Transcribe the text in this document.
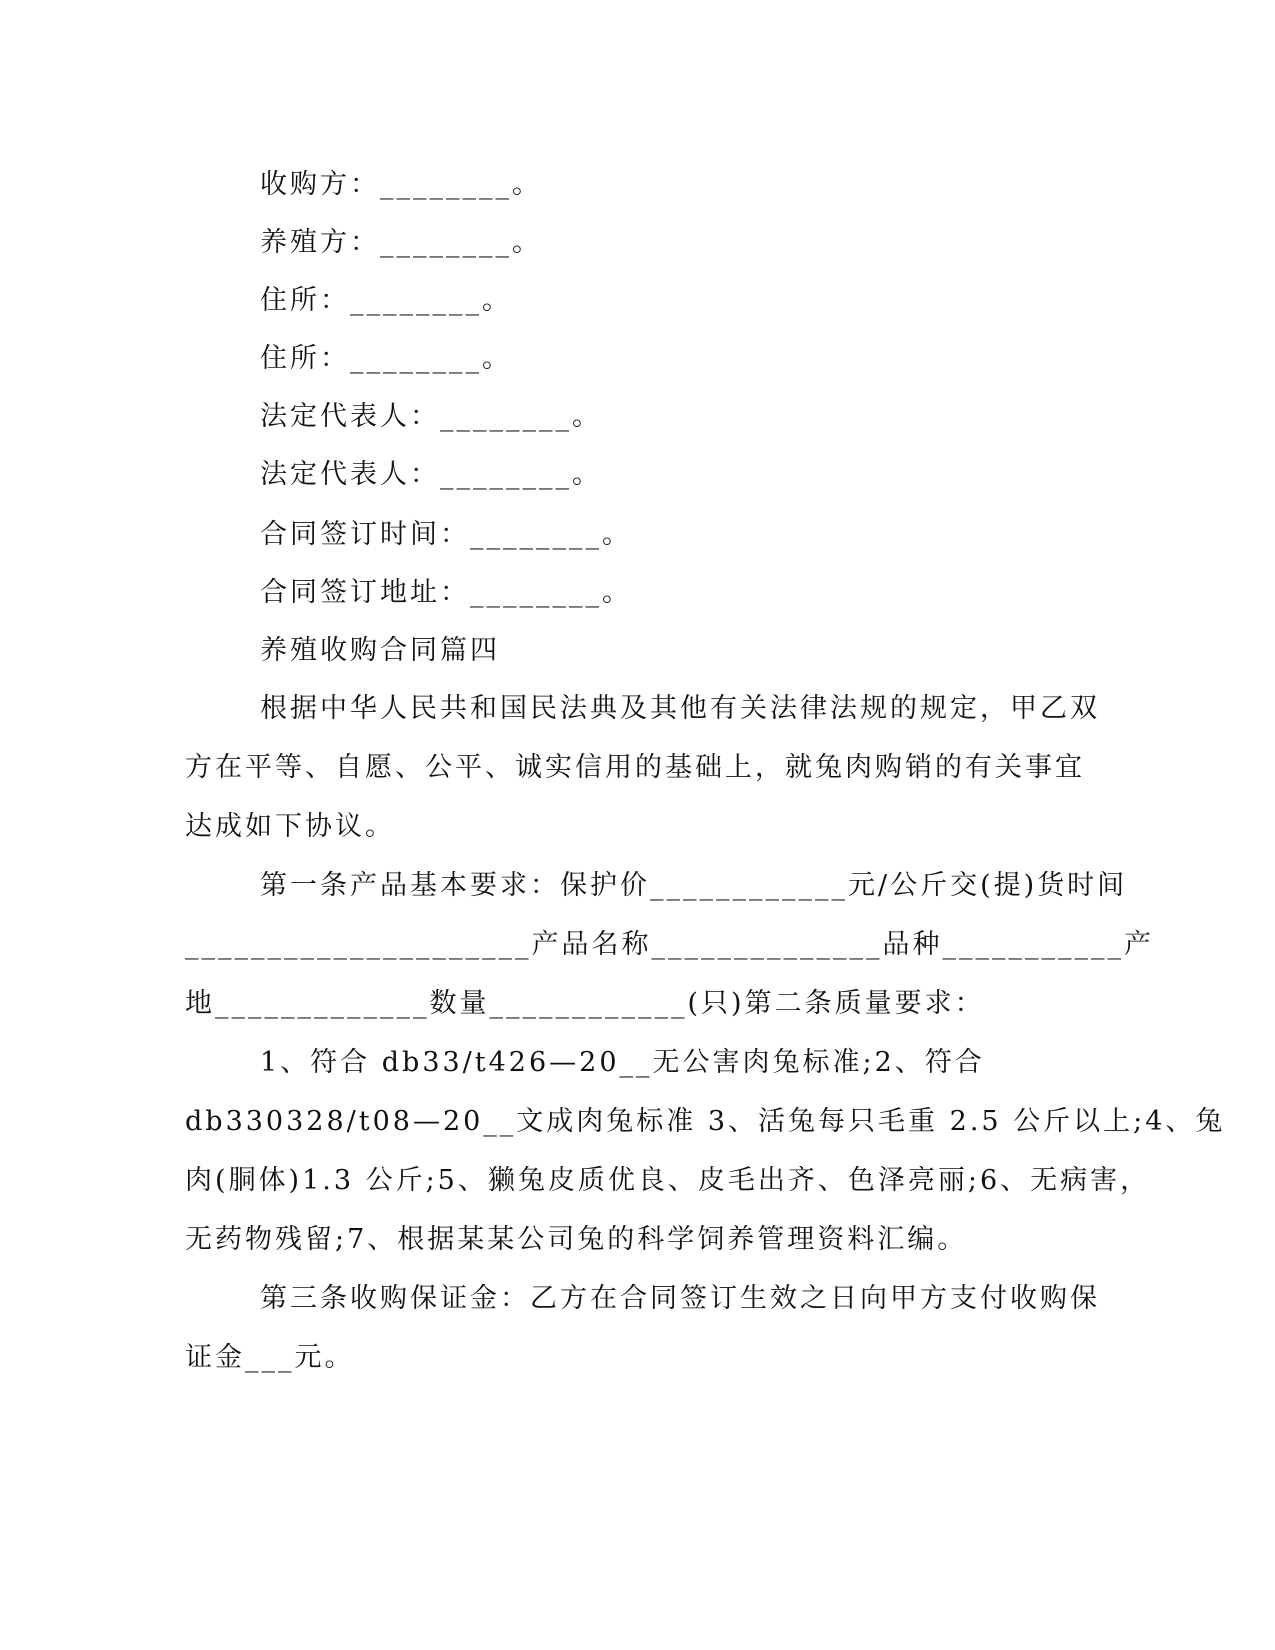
收购方：________。
养殖方：________。
住所：________。
住所：________。
法定代表人：________。
法定代表人：________。
合同签订时间：________。
合同签订地址：________。
养殖收购合同篇四
根据中华人民共和国民法典及其他有关法律法规的规定，甲乙双
方在平等、自愿、公平、诚实信用的基础上，就兔肉购销的有关事宜
达成如下协议。
第一条产品基本要求：保护价____________元/公斤交(提)货时间
_____________________产品名称______________品种___________产
地_____________数量____________(只)第二条质量要求：
1、符合 db33/t426—20__无公害肉兔标准;2、符合
db330328/t08—20__文成肉兔标准 3、活兔每只毛重 2.5 公斤以上;4、兔
肉(胴体)1.3 公斤;5、獭兔皮质优良、皮毛出齐、色泽亮丽;6、无病害，
无药物残留;7、根据某某公司兔的科学饲养管理资料汇编。
第三条收购保证金：乙方在合同签订生效之日向甲方支付收购保
证金___元。
